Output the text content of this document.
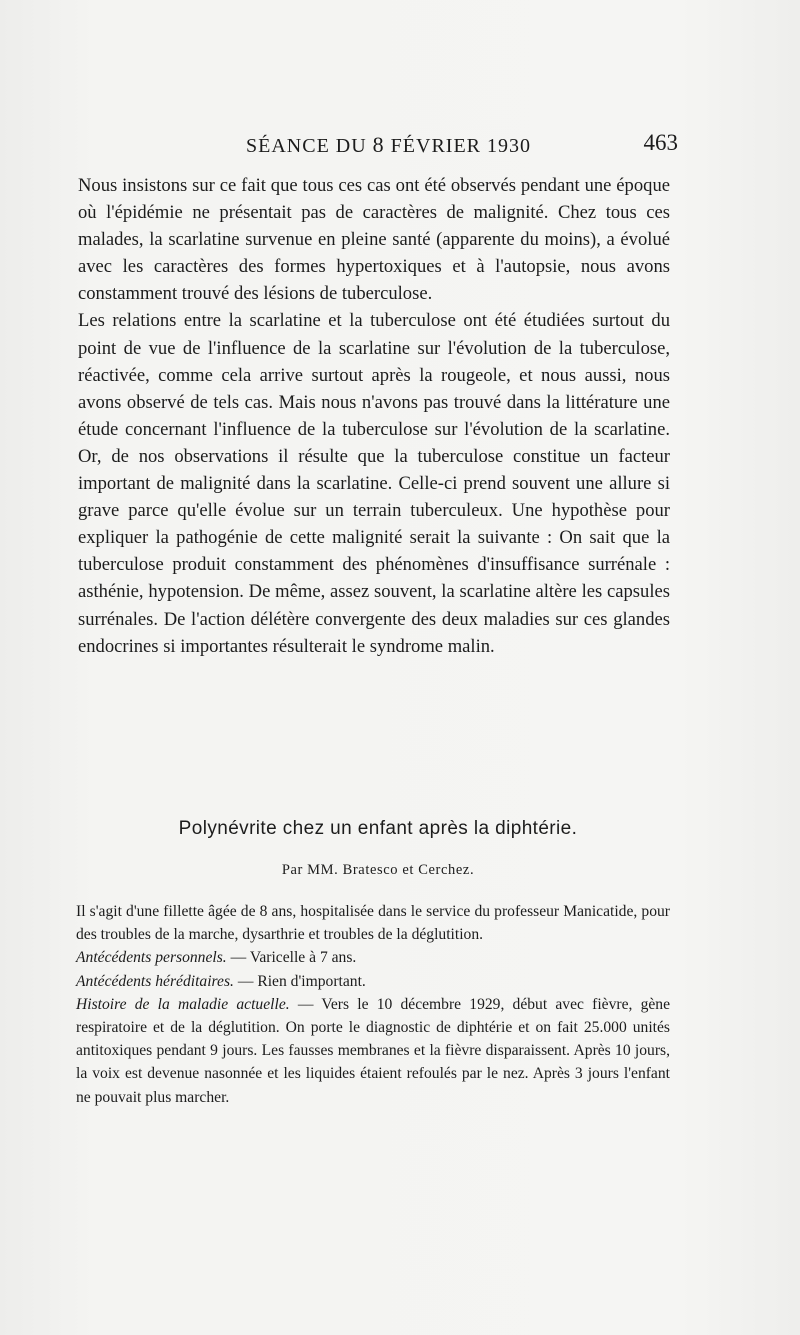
SÉANCE DU 8 FÉVRIER 1930	463

Nous insistons sur ce fait que tous ces cas ont été observés pendant une époque où l'épidémie ne présentait pas de caractères de malignité. Chez tous ces malades, la scarlatine survenue en pleine santé (apparente du moins), a évolué avec les caractères des formes hypertoxiques et à l'autopsie, nous avons constamment trouvé des lésions de tuberculose.

Les relations entre la scarlatine et la tuberculose ont été étudiées surtout du point de vue de l'influence de la scarlatine sur l'évolution de la tuberculose, réactivée, comme cela arrive surtout après la rougeole, et nous aussi, nous avons observé de tels cas. Mais nous n'avons pas trouvé dans la littérature une étude concernant l'influence de la tuberculose sur l'évolution de la scarlatine. Or, de nos observations il résulte que la tuberculose constitue un facteur important de malignité dans la scarlatine. Celle-ci prend souvent une allure si grave parce qu'elle évolue sur un terrain tuberculeux. Une hypothèse pour expliquer la pathogénie de cette malignité serait la suivante : On sait que la tuberculose produit constamment des phénomènes d'insuffisance surrénale : asthénie, hypotension. De même, assez souvent, la scarlatine altère les capsules surrénales. De l'action délétère convergente des deux maladies sur ces glandes endocrines si importantes résulterait le syndrome malin.

Polynévrite chez un enfant après la diphtérie.
Par MM. Bratesco et Cerchez.

Il s'agit d'une fillette âgée de 8 ans, hospitalisée dans le service du professeur Manicatide, pour des troubles de la marche, dysarthrie et troubles de la déglutition.

Antécédents personnels. — Varicelle à 7 ans.

Antécédents héréditaires. — Rien d'important.

Histoire de la maladie actuelle. — Vers le 10 décembre 1929, début avec fièvre, gène respiratoire et de la déglutition. On porte le diagnostic de diphtérie et on fait 25.000 unités antitoxiques pendant 9 jours. Les fausses membranes et la fièvre disparaissent. Après 10 jours, la voix est devenue nasonnée et les liquides étaient refoulés par le nez. Après 3 jours l'enfant ne pouvait plus marcher.
